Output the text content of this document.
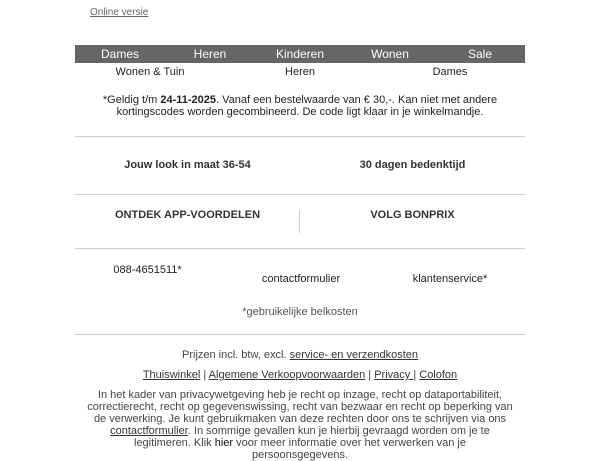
Online versie
Dames	Heren	Kinderen	Wonen	Sale
Wonen & Tuin	Heren	Dames
*Geldig t/m 24-11-2025. Vanaf een bestelwaarde van € 30,-. Kan niet met andere kortingscodes worden gecombineerd. De code ligt klaar in je winkelmandje.
Jouw look in maat 36-54	30 dagen bedenktijd
ONTDEK APP-VOORDELEN	VOLG BONPRIX
088-4651511*
contactformulier	klantenservice*
*gebruikelijke belkosten
Prijzen incl. btw, excl. service- en verzendkosten
Thuiswinkel | Algemene Verkoopvoorwaarden | Privacy | Colofon
In het kader van privacywetgeving heb je recht op inzage, recht op dataportabiliteit, correctierecht, recht op gegevenswissing, recht van bezwaar en recht op beperking van de verwerking. Je kunt gebruikmaken van deze rechten door ons te schrijven via ons contactformulier. In sommige gevallen kun je hierbij gevraagd worden om je te legitimeren. Klik hier voor meer informatie over het verwerken van je persoonsgegevens.
